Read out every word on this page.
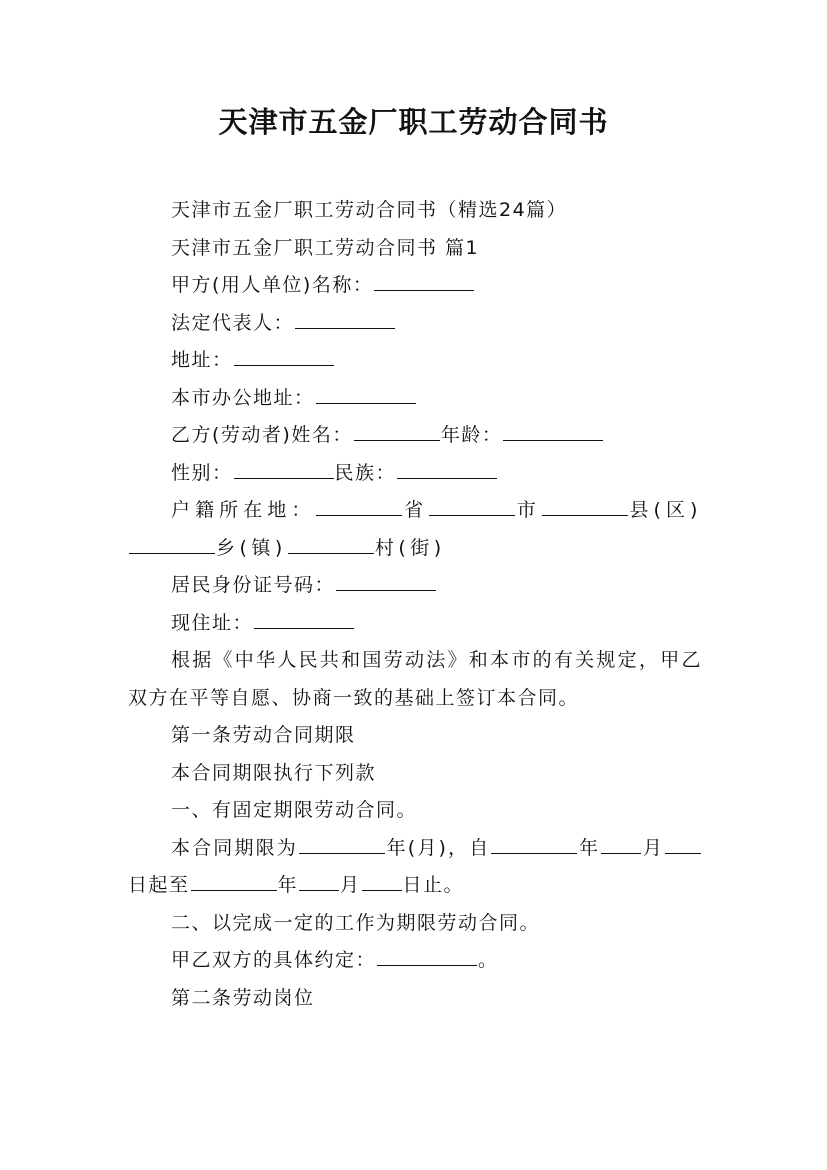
天津市五金厂职工劳动合同书

天津市五金厂职工劳动合同书（精选24篇）

天津市五金厂职工劳动合同书 篇1

甲方(用人单位)名称：

法定代表人：

地址：

本市办公地址：

乙方(劳动者)姓名：	年龄：

性别：	民族：

户籍所在地：	省	市	县(区)乡(镇)	村(街)

居民身份证号码：

现住址：

根据《中华人民共和国劳动法》和本市的有关规定，甲乙双方在平等自愿、协商一致的基础上签订本合同。

第一条劳动合同期限

本合同期限执行下列款

一、有固定期限劳动合同。

本合同期限为	年(月)，自	年 月日起至	年 月 日止。

二、以完成一定的工作为期限劳动合同。

甲乙双方的具体约定：	。

第二条劳动岗位
